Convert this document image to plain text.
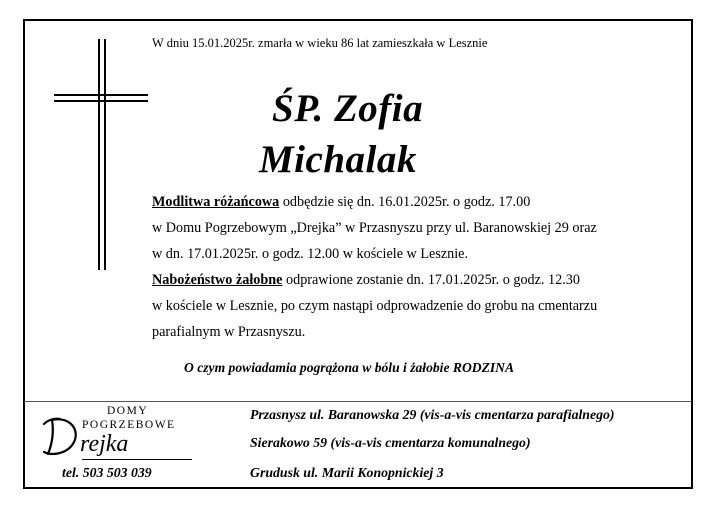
W dniu 15.01.2025r. zmarła w wieku 86 lat zamieszkała w Lesznie
ŚP. Zofia
Michalak
Modlitwa różańcowa odbędzie się dn. 16.01.2025r. o godz. 17.00
w Domu Pogrzebowym „Drejka” w Przasnyszu przy ul. Baranowskiej 29 oraz
w dn. 17.01.2025r. o godz. 12.00 w kościele w Lesznie.
Nabożeństwo żałobne odprawione zostanie dn. 17.01.2025r. o godz. 12.30
w kościele w Lesznie, po czym nastąpi odprowadzenie do grobu na cmentarzu
parafialnym w Przasnyszu.
O czym powiadamia pogrążona w bólu i żałobie RODZINA
DOMY
POGRZEBOWE
D rejka
tel. 503 503 039
Przasnysz ul. Baranowska 29 (vis-a-vis cmentarza parafialnego)
Sierakowo 59 (vis-a-vis cmentarza komunalnego)
Grudusk ul. Marii Konopnickiej 3
